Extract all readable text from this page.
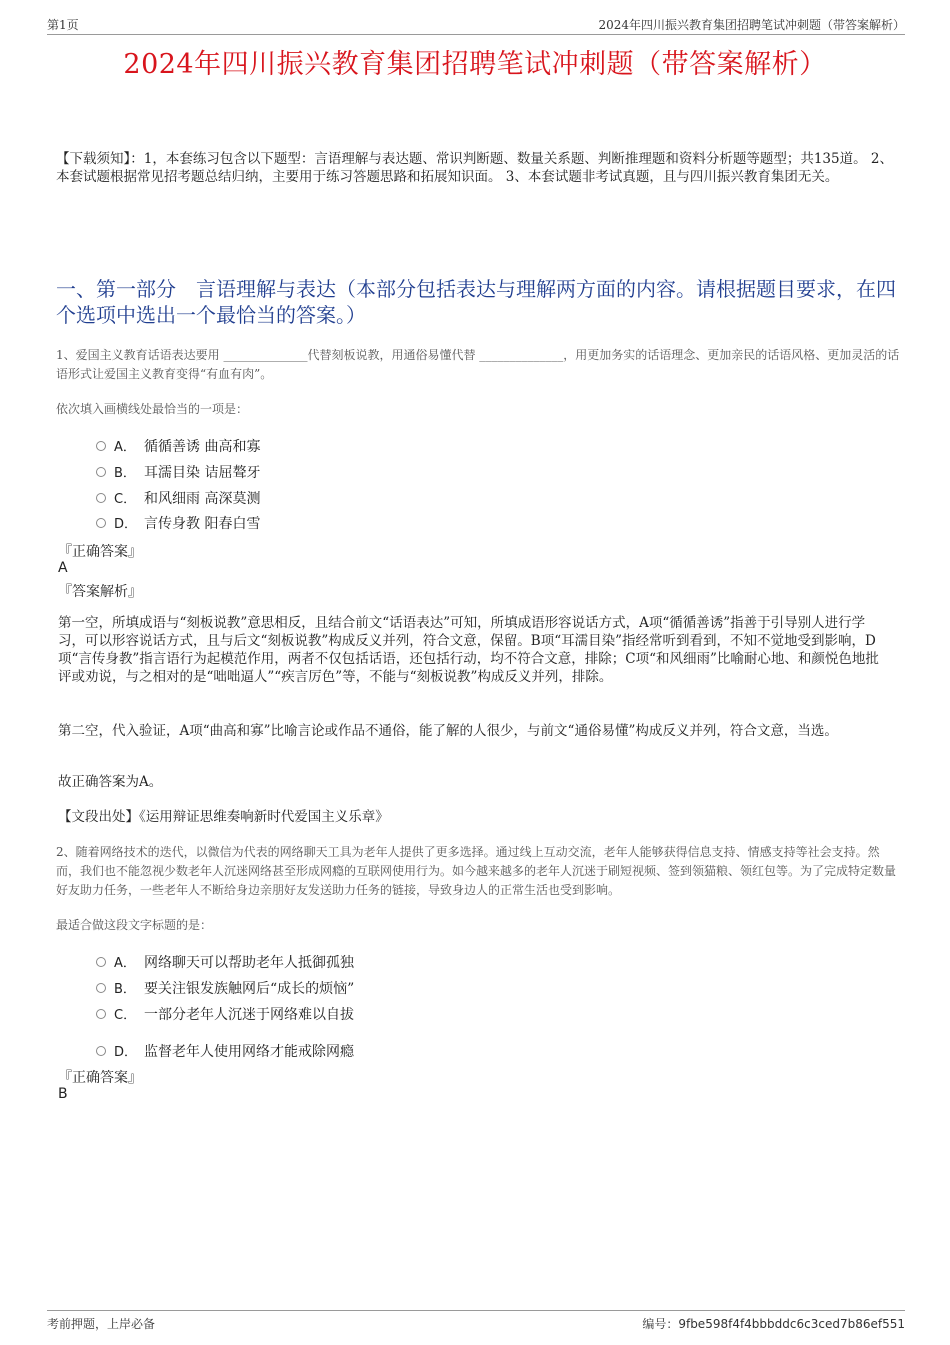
第1页	2024年四川振兴教育集团招聘笔试冲刺题（带答案解析）
2024年四川振兴教育集团招聘笔试冲刺题（带答案解析）
【下载须知】：1，本套练习包含以下题型：言语理解与表达题、常识判断题、数量关系题、判断推理题和资料分析题等题型；共135道。 2、本套试题根据常见招考题总结归纳，主要用于练习答题思路和拓展知识面。 3、本套试题非考试真题，且与四川振兴教育集团无关。
一、第一部分　言语理解与表达（本部分包括表达与理解两方面的内容。请根据题目要求，在四个选项中选出一个最恰当的答案。）
1、爱国主义教育话语表达要用 ______________代替刻板说教，用通俗易懂代替 ______________，用更加务实的话语理念、更加亲民的话语风格、更加灵活的话语形式让爱国主义教育变得“有血有肉”。
依次填入画横线处最恰当的一项是：
A． 循循善诱 曲高和寡
B． 耳濡目染 诘屈聱牙
C． 和风细雨 高深莫测
D． 言传身教 阳春白雪
『正确答案』
A
『答案解析』

第一空，所填成语与“刻板说教”意思相反，且结合前文“话语表达”可知，所填成语形容说话方式，A项“循循善诱”指善于引导别人进行学习，可以形容说话方式，且与后文“刻板说教”构成反义并列，符合文意，保留。B项“耳濡目染”指经常听到看到，不知不觉地受到影响，D项“言传身教”指言语行为起模范作用，两者不仅包括话语，还包括行动，均不符合文意，排除；C项“和风细雨”比喻耐心地、和颜悦色地批评或劝说，与之相对的是“咄咄逼人”“疾言厉色”等，不能与“刻板说教”构成反义并列，排除。

第二空，代入验证，A项“曲高和寡”比喻言论或作品不通俗，能了解的人很少，与前文“通俗易懂”构成反义并列，符合文意，当选。

故正确答案为A。

【文段出处】《运用辩证思维奏响新时代爱国主义乐章》

2、随着网络技术的迭代，以微信为代表的网络聊天工具为老年人提供了更多选择。通过线上互动交流，老年人能够获得信息支持、情感支持等社会支持。然而，我们也不能忽视少数老年人沉迷网络甚至形成网瘾的互联网使用行为。如今越来越多的老年人沉迷于刷短视频、签到领猫粮、领红包等。为了完成特定数量好友助力任务，一些老年人不断给身边亲朋好友发送助力任务的链接，导致身边人的正常生活也受到影响。
最适合做这段文字标题的是：
A． 网络聊天可以帮助老年人抵御孤独
B． 要关注银发族触网后“成长的烦恼”
C． 一部分老年人沉迷于网络难以自拔
D． 监督老年人使用网络才能戒除网瘾
『正确答案』
B
考前押题，上岸必备	编号：9fbe598f4f4bbbddc6c3ced7b86ef551
